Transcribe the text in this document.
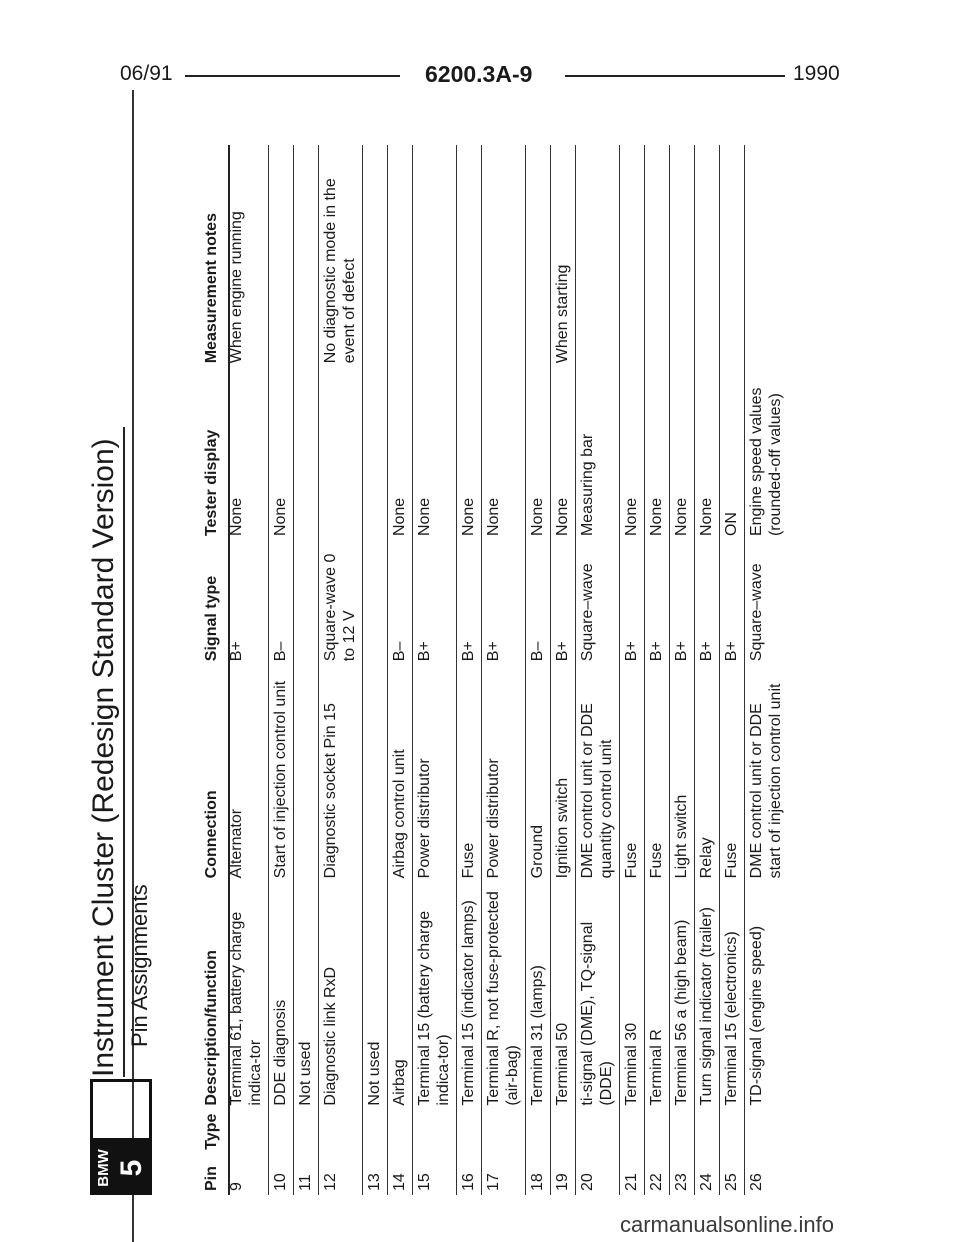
06/91	6200.3A-9	1990
BMW 5
Instrument Cluster (Redesign Standard Version) Pin Assignments
Pin	Type	Description/function	Connection	Signal type	Tester display	Measurement notes
9		Terminal 61, battery charge indica-tor	Alternator	B+	None	When engine running
10		DDE diagnosis	Start of injection control unit	B–	None	
11		Not used				
12		Diagnostic link RxD	Diagnostic socket Pin 15	Square-wave 0 to 12 V		No diagnostic mode in the event of defect
13		Not used				
14		Airbag	Airbag control unit	B–	None	
15		Terminal 15 (battery charge indica-tor)	Power distributor	B+	None	
16		Terminal 15 (indicator lamps)	Fuse	B+	None	
17		Terminal R, not fuse-protected (air-bag)	Power distributor	B+	None	
18		Terminal 31 (lamps)	Ground	B–	None	
19		Terminal 50	Ignition switch	B+	None	When starting
20		ti-signal (DME), TQ-signal (DDE)	DME control unit or DDE quantity control unit	Square–wave	Measuring bar	
21		Terminal 30	Fuse	B+	None	
22		Terminal R	Fuse	B+	None	
23		Terminal 56 a (high beam)	Light switch	B+	None	
24		Turn signal indicator (trailer)	Relay	B+	None	
25		Terminal 15 (electronics)	Fuse	B+	ON	
26		TD-signal (engine speed)	DME control unit or DDE start of injection control unit	Square–wave	Engine speed values (rounded-off values)	
carmanualsonline.info
